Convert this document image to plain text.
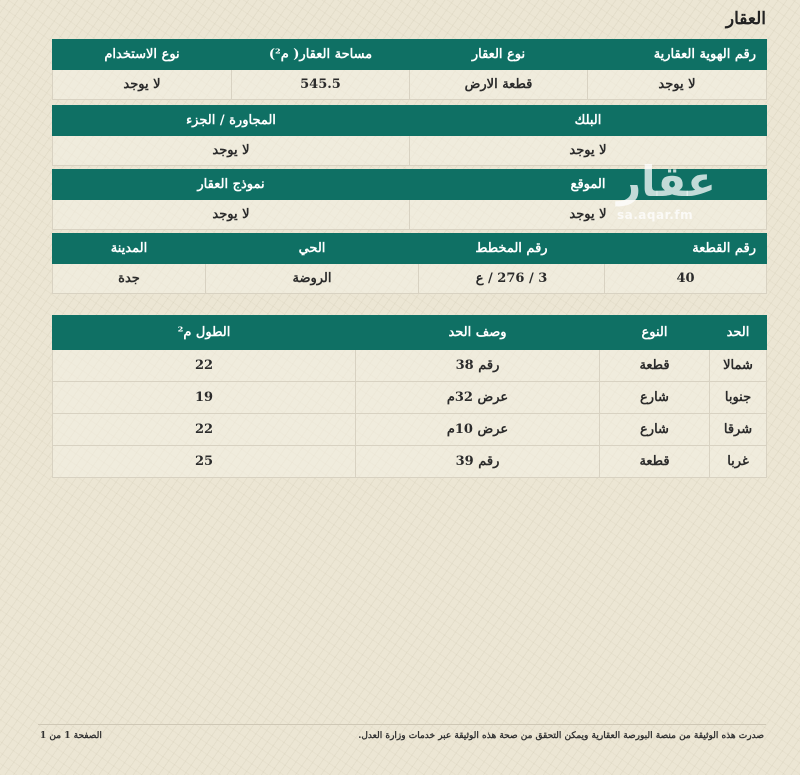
العقار
رقم الهوية العقارية	نوع العقار	مساحة العقار( م²)	نوع الاستخدام
لا يوجد	قطعة الارض	545.5	لا يوجد
البلك	المجاورة / الجزء
لا يوجد	لا يوجد
الموقع	نموذج العقار
لا يوجد	لا يوجد
رقم القطعة	رقم المخطط	الحي	المدينة
40	3 / 276 / ع	الروضة	جدة
الحد	النوع	وصف الحد	الطول م²
شمالا	قطعة	رقم 38	22
جنوبا	شارع	عرض 32م	19
شرقا	شارع	عرض 10م	22
غربا	قطعة	رقم 39	25
عقار
sa.aqar.fm
صدرت هذه الوثيقة من منصة البورصة العقارية ويمكن التحقق من صحة هذه الوثيقة عبر خدمات وزارة العدل.
الصفحة 1 من 1
